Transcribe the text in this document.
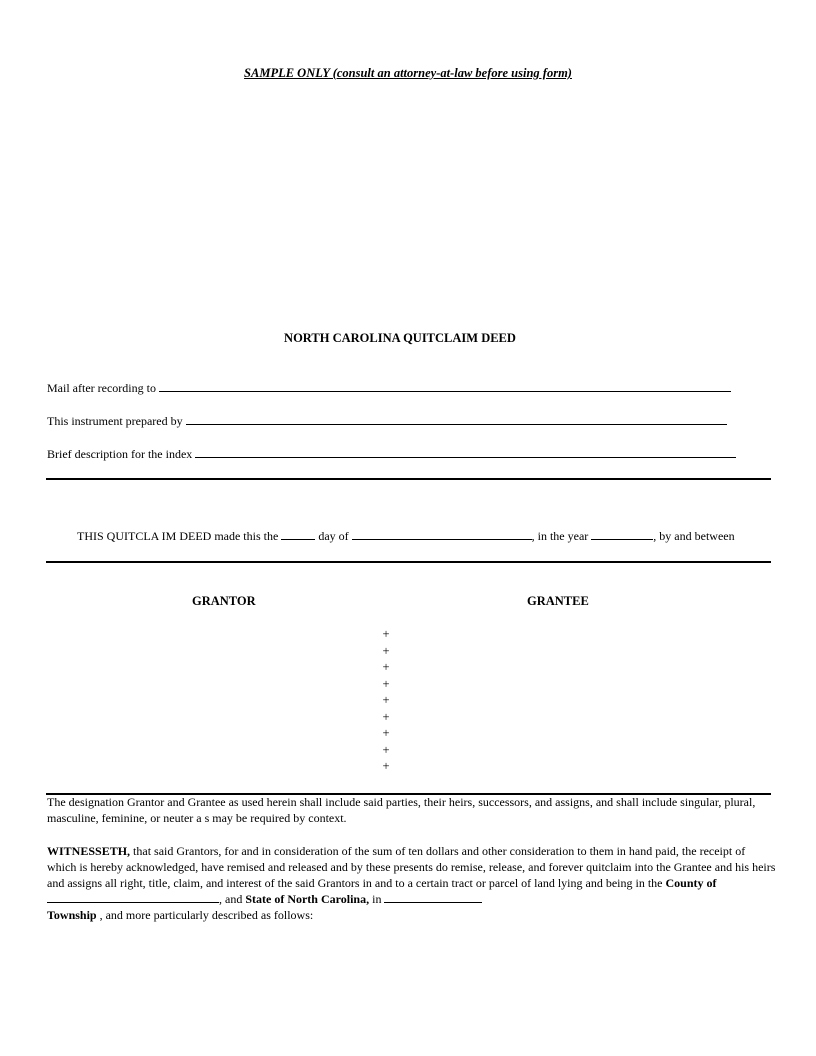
SAMPLE ONLY (consult an attorney-at-law before using form)
NORTH CAROLINA QUITCLAIM DEED
Mail after recording to
This instrument prepared by
Brief description for the index
THIS QUITCLA IM DEED made this the	day of	, in the year	, by and between
GRANTOR	GRANTEE
+
+
+
+
+
+
+
+
+
The designation Grantor and Grantee as used herein shall include said parties, their heirs, successors, and assigns, and shall include singular, plural, masculine, feminine, or neuter a s may be required by context.
WITNESSETH, that said Grantors, for and in consideration of the sum of ten dollars and other consideration to them in hand paid, the receipt of which is hereby acknowledged, have remised and released and by these presents do remise, release, and forever quitclaim into the Grantee and his heirs and assigns all right, title, claim, and interest of the said Grantors in and to a certain tract or parcel of land lying and being in the County of , and State of North Carolina, in
Township , and more particularly described as follows:
